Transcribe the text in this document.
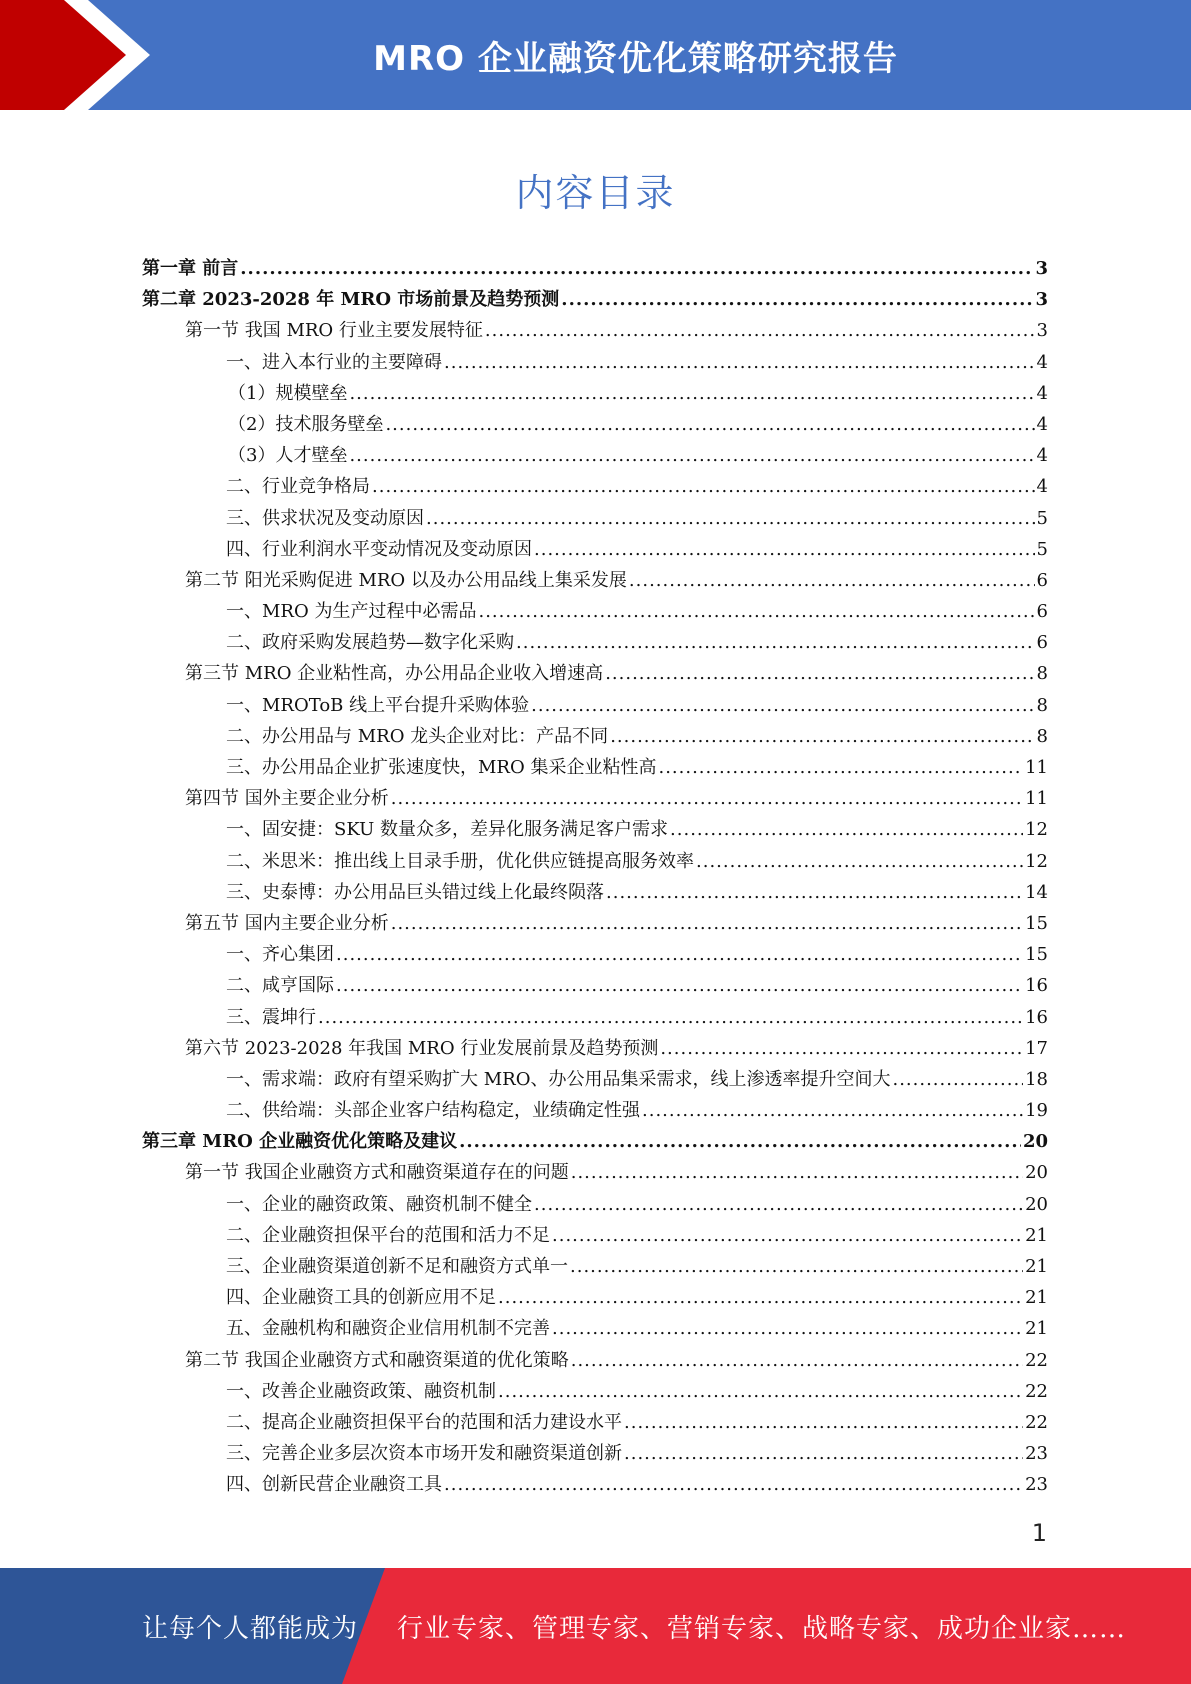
MRO 企业融资优化策略研究报告
内容目录
第一章 前言 .....	3
第二章 2023-2028 年 MRO 市场前景及趋势预测 .....	3
第一节 我国 MRO 行业主要发展特征 .....	3
一、进入本行业的主要障碍 .....	4
（1）规模壁垒 .....	4
（2）技术服务壁垒 .....	4
（3）人才壁垒 .....	4
二、行业竞争格局 .....	4
三、供求状况及变动原因 .....	5
四、行业利润水平变动情况及变动原因 .....	5
第二节 阳光采购促进 MRO 以及办公用品线上集采发展 .....	6
一、MRO 为生产过程中必需品 .....	6
二、政府采购发展趋势—数字化采购 .....	6
第三节 MRO 企业粘性高，办公用品企业收入增速高 .....	8
一、MROToB 线上平台提升采购体验 .....	8
二、办公用品与 MRO 龙头企业对比：产品不同 .....	8
三、办公用品企业扩张速度快，MRO 集采企业粘性高 .....	11
第四节 国外主要企业分析 .....	11
一、固安捷：SKU 数量众多，差异化服务满足客户需求 .....	12
二、米思米：推出线上目录手册，优化供应链提高服务效率 .....	12
三、史泰博：办公用品巨头错过线上化最终陨落 .....	14
第五节 国内主要企业分析 .....	15
一、齐心集团 .....	15
二、咸亨国际 .....	16
三、震坤行 .....	16
第六节 2023-2028 年我国 MRO 行业发展前景及趋势预测 .....	17
一、需求端：政府有望采购扩大 MRO、办公用品集采需求，线上渗透率提升空间大 .....	18
二、供给端：头部企业客户结构稳定，业绩确定性强 .....	19
第三章 MRO 企业融资优化策略及建议 .....	20
第一节 我国企业融资方式和融资渠道存在的问题 .....	20
一、企业的融资政策、融资机制不健全 .....	20
二、企业融资担保平台的范围和活力不足 .....	21
三、企业融资渠道创新不足和融资方式单一 .....	21
四、企业融资工具的创新应用不足 .....	21
五、金融机构和融资企业信用机制不完善 .....	21
第二节 我国企业融资方式和融资渠道的优化策略 .....	22
一、改善企业融资政策、融资机制 .....	22
二、提高企业融资担保平台的范围和活力建设水平 .....	22
三、完善企业多层次资本市场开发和融资渠道创新 .....	23
四、创新民营企业融资工具 .....	23
1
让每个人都能成为 行业专家、管理专家、营销专家、战略专家、成功企业家……
